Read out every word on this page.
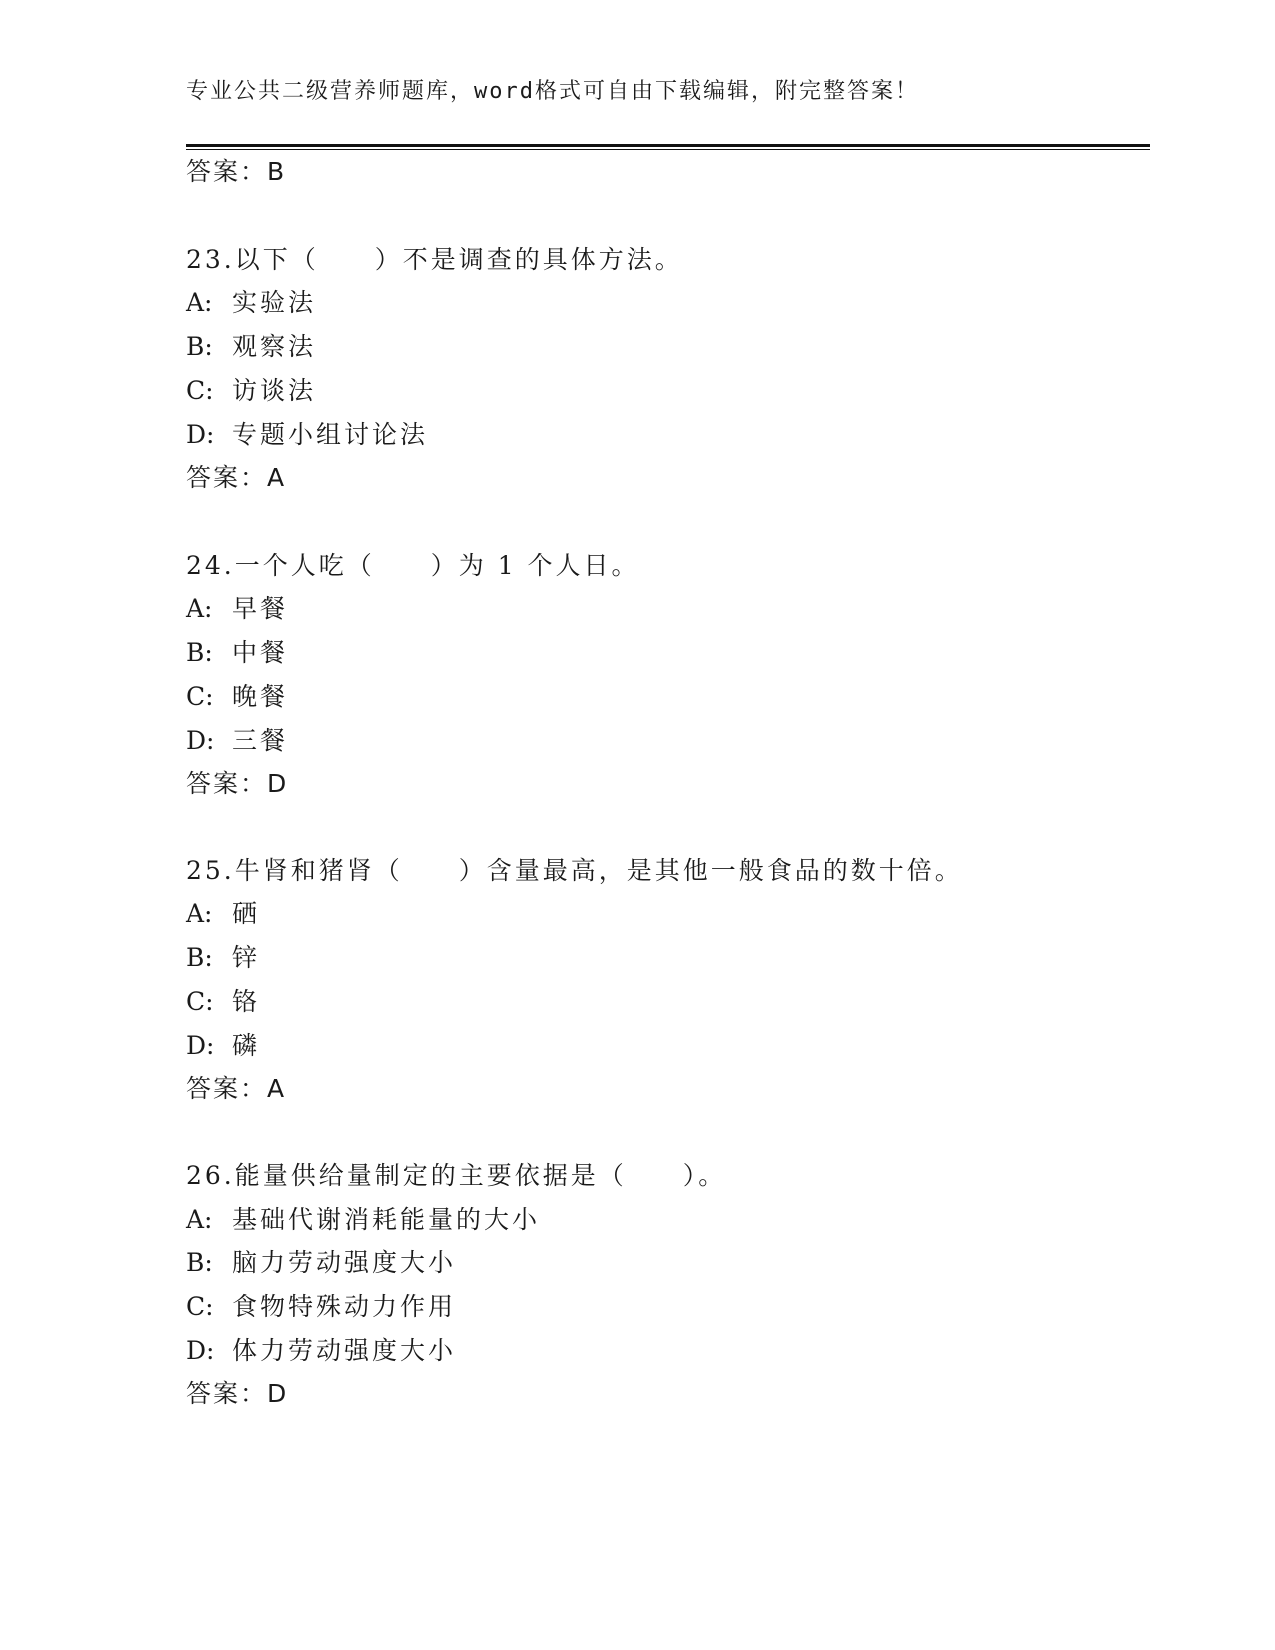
专业公共二级营养师题库，word格式可自由下载编辑，附完整答案！
答案：B
23.以下（　　）不是调查的具体方法。
A: 实验法
B: 观察法
C: 访谈法
D: 专题小组讨论法
答案：A
24.一个人吃（　　）为 1 个人日。
A: 早餐
B: 中餐
C: 晚餐
D: 三餐
答案：D
25.牛肾和猪肾（　　）含量最高，是其他一般食品的数十倍。
A: 硒
B: 锌
C: 铬
D: 磷
答案：A
26.能量供给量制定的主要依据是（　　）。
A: 基础代谢消耗能量的大小
B: 脑力劳动强度大小
C: 食物特殊动力作用
D: 体力劳动强度大小
答案：D
